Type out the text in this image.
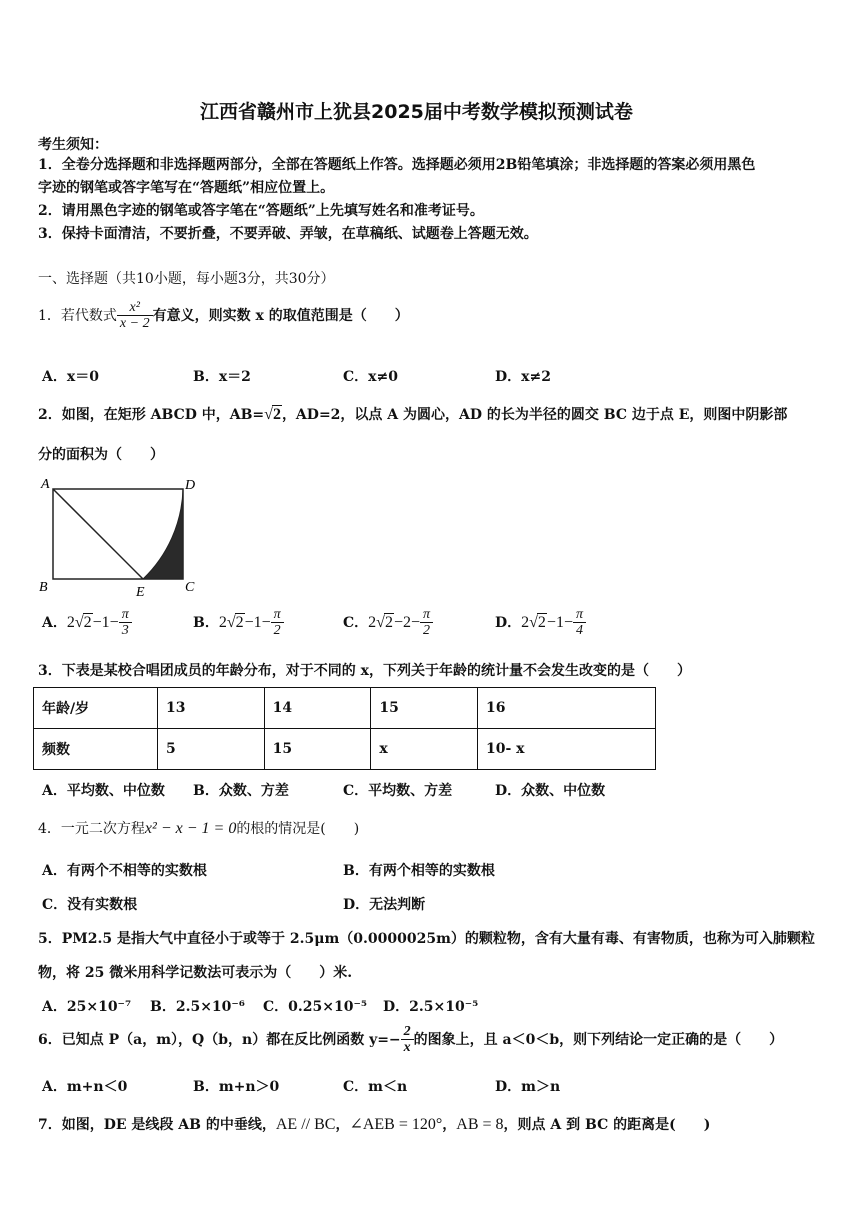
江西省赣州市上犹县2025届中考数学模拟预测试卷
考生须知：
1．全卷分选择题和非选择题两部分，全部在答题纸上作答。选择题必须用2B铅笔填涂；非选择题的答案必须用黑色
字迹的钢笔或答字笔写在“答题纸”相应位置上。
2．请用黑色字迹的钢笔或答字笔在“答题纸”上先填写姓名和准考证号。
3．保持卡面清洁，不要折叠，不要弄破、弄皱，在草稿纸、试题卷上答题无效。
一、选择题（共10小题，每小题3分，共30分）
1．若代数式 $\frac{\text{x²}}{x - 2}$ 有意义，则实数 x 的取值范围是（　　）
A．x＝0	B．x＝2	C．x≠0	D．x≠2
2．如图，在矩形 ABCD 中，AB=√2，AD=2，以点 A 为圆心，AD 的长为半径的圆交 BC 边于点 E，则图中阴影部
分的面积为（　　）
A	D
B	E	C
A．$2√2-1- \frac{\pi}{3}$	B．$2√2-1- \frac{\pi}{2}$	C．$2√2-2- \frac{\pi}{2}$	D．$2√2-1- \frac{\pi}{4}$
3．下表是某校合唱团成员的年龄分布，对于不同的 x，下列关于年龄的统计量不会发生改变的是（　　）
年龄/岁	13	14	15	16
频数	5	15	x	10- x
A．平均数、中位数 B．众数、方差	C．平均数、方差	D．众数、中位数
4．一元二次方程x² − x − 1 = 0的根的情况是(　　)
A．有两个不相等的实数根	B．有两个相等的实数根
C．没有实数根	D．无法判断
5．PM2.5 是指大气中直径小于或等于 2.5μm（0.0000025m）的颗粒物，含有大量有毒、有害物质，也称为可入肺颗粒
物，将 25 微米用科学记数法可表示为（　　）米.
A．25×10⁻⁷ B．2.5×10⁻⁶ C．0.25×10⁻⁵ D．2.5×10⁻⁵
6．已知点 P（a，m），Q（b，n）都在反比例函数 $y=- \frac{2}{x}$ 的图象上，且 a＜0＜b，则下列结论一定正确的是（　　）
A．m+n＜0	B．m+n＞0	C．m＜n	D．m＞n
7．如图，DE 是线段 AB 的中垂线，AE // BC，∠AEB = 120°，AB = 8，则点 A 到 BC 的距离是(　　)
